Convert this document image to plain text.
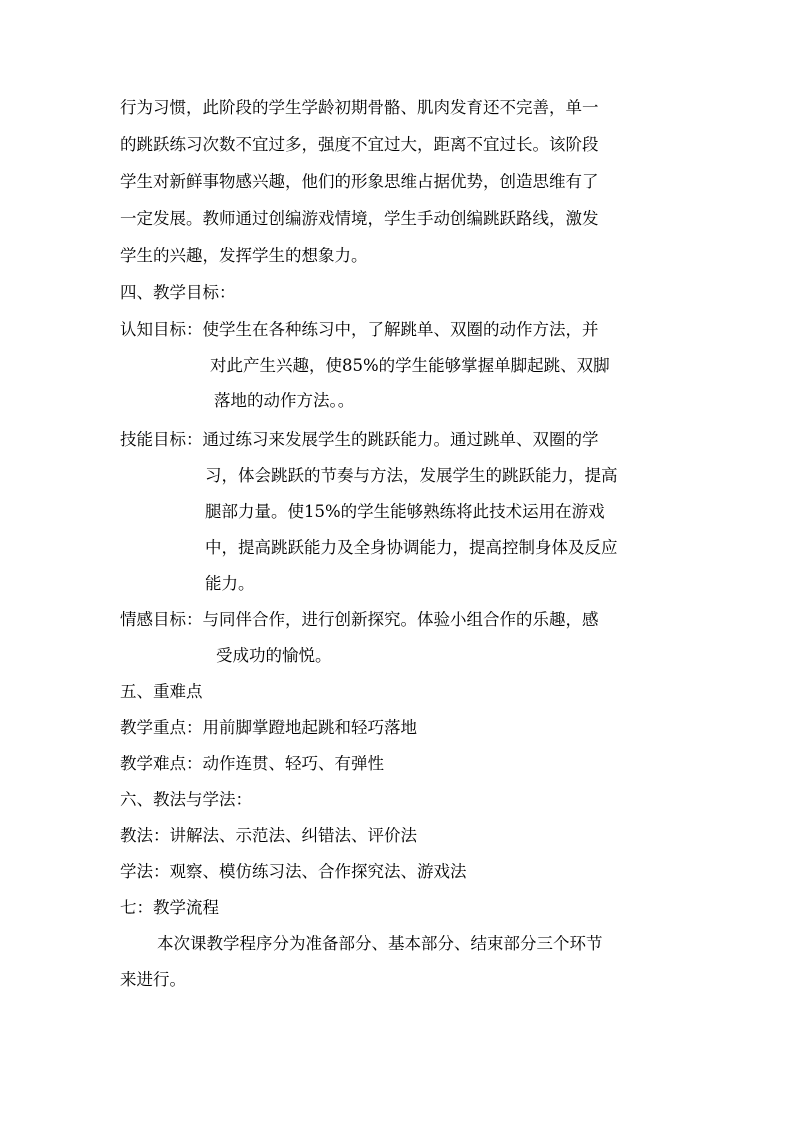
行为习惯，此阶段的学生学龄初期骨骼、肌肉发育还不完善，单一
的跳跃练习次数不宜过多，强度不宜过大，距离不宜过长。该阶段
学生对新鲜事物感兴趣，他们的形象思维占据优势，创造思维有了
一定发展。教师通过创编游戏情境，学生手动创编跳跃路线，激发
学生的兴趣，发挥学生的想象力。
四、教学目标：
认知目标：使学生在各种练习中，了解跳单、双圈的动作方法，并
对此产生兴趣，使85%的学生能够掌握单脚起跳、双脚
落地的动作方法。。
技能目标：通过练习来发展学生的跳跃能力。通过跳单、双圈的学
习，体会跳跃的节奏与方法，发展学生的跳跃能力，提高
腿部力量。使15%的学生能够熟练将此技术运用在游戏
中，提高跳跃能力及全身协调能力，提高控制身体及反应
能力。
情感目标：与同伴合作，进行创新探究。体验小组合作的乐趣，感
受成功的愉悦。
五、重难点
教学重点：用前脚掌蹬地起跳和轻巧落地
教学难点：动作连贯、轻巧、有弹性
六、教法与学法：
教法：讲解法、示范法、纠错法、评价法
学法：观察、模仿练习法、合作探究法、游戏法
七：教学流程
本次课教学程序分为准备部分、基本部分、结束部分三个环节
来进行。
